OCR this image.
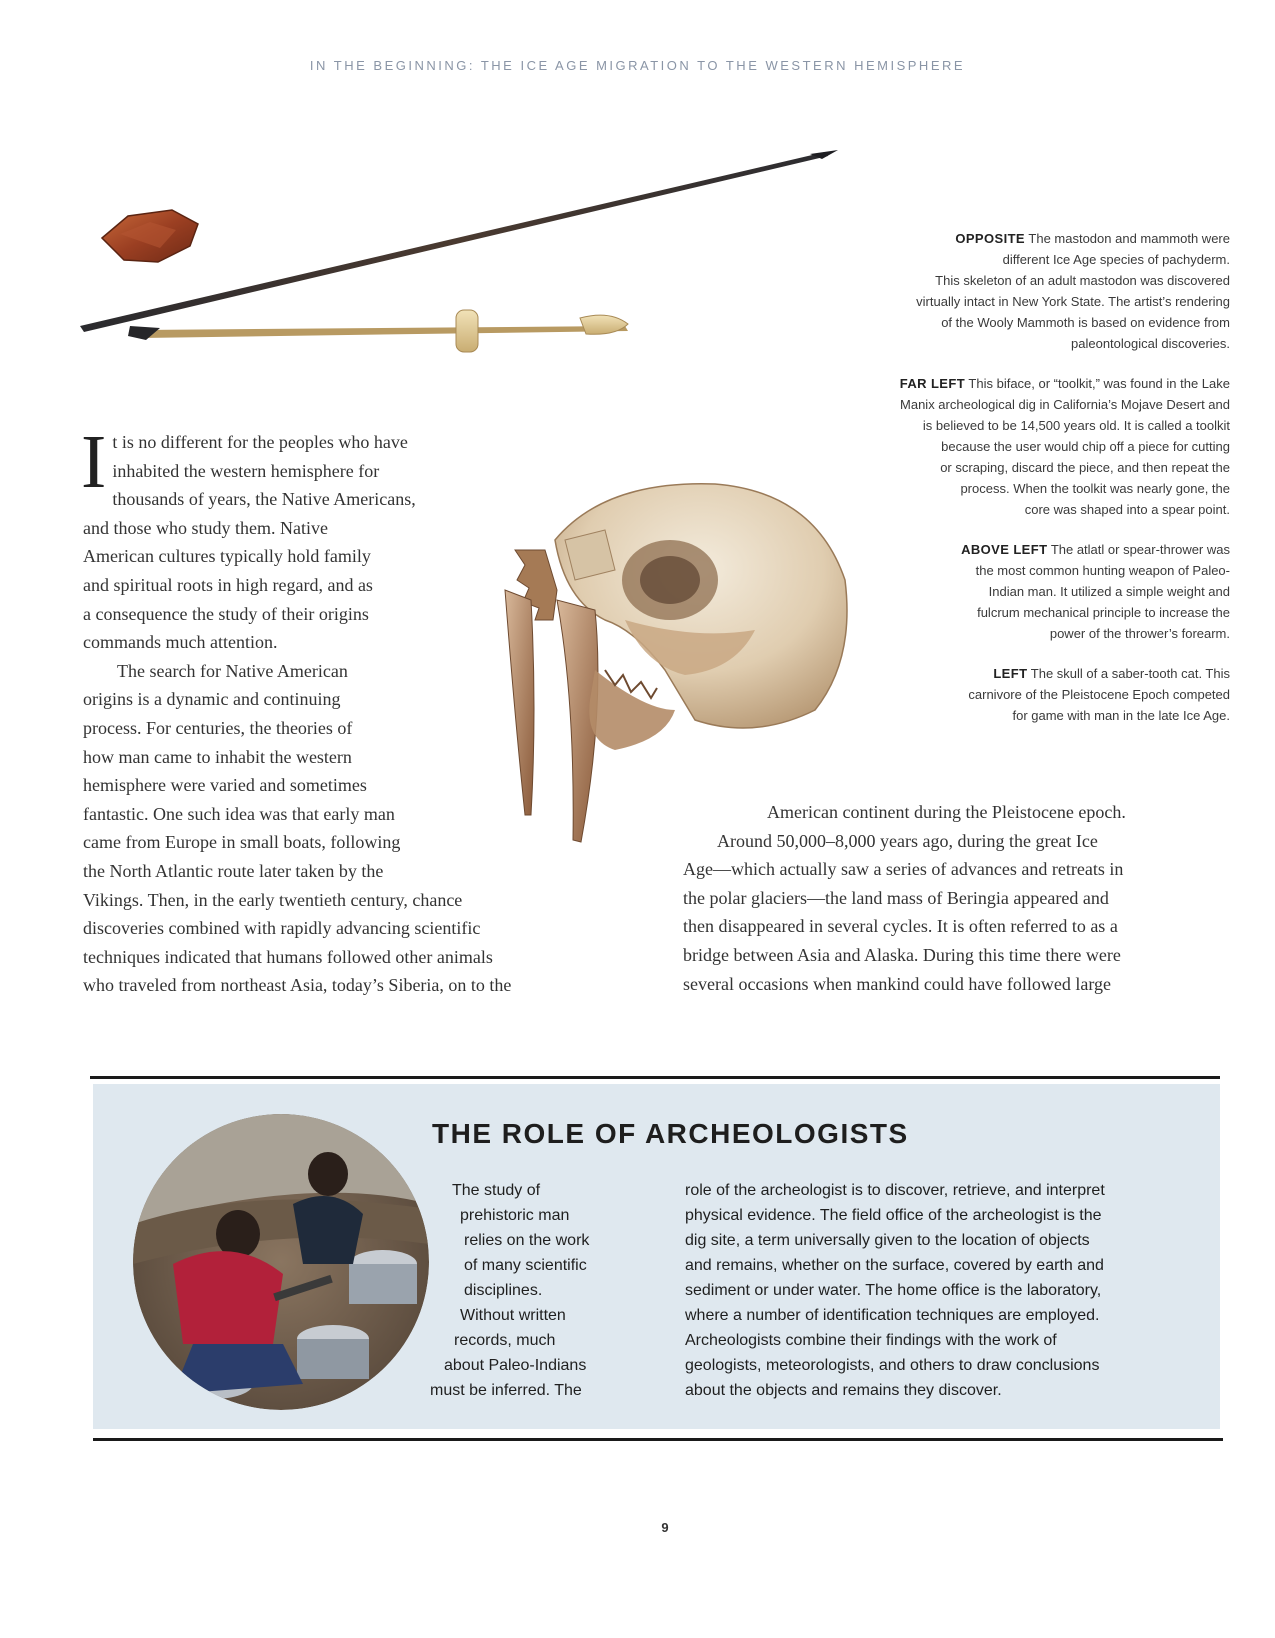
IN THE BEGINNING: THE ICE AGE MIGRATION TO THE WESTERN HEMISPHERE
OPPOSITE The mastodon and mammoth were
different Ice Age species of pachyderm.
This skeleton of an adult mastodon was discovered
virtually intact in New York State. The artist’s rendering
of the Wooly Mammoth is based on evidence from
paleontological discoveries.
FAR LEFT This biface, or “toolkit,” was found in the Lake
Manix archeological dig in California’s Mojave Desert and
is believed to be 14,500 years old. It is called a toolkit
because the user would chip off a piece for cutting
or scraping, discard the piece, and then repeat the
process. When the toolkit was nearly gone, the
core was shaped into a spear point.
ABOVE LEFT The atlatl or spear-thrower was
the most common hunting weapon of Paleo-
Indian man. It utilized a simple weight and
fulcrum mechanical principle to increase the
power of the thrower’s forearm.
LEFT The skull of a saber-tooth cat. This
carnivore of the Pleistocene Epoch competed
for game with man in the late Ice Age.

I t is no different for the peoples who have
inhabited the western hemisphere for
thousands of years, the Native Americans,
and those who study them. Native
American cultures typically hold family
and spiritual roots in high regard, and as
a consequence the study of their origins
commands much attention.

The search for Native American
origins is a dynamic and continuing
process. For centuries, the theories of
how man came to inhabit the western
hemisphere were varied and sometimes
fantastic. One such idea was that early man
came from Europe in small boats, following
the North Atlantic route later taken by the
Vikings. Then, in the early twentieth century, chance
discoveries combined with rapidly advancing scientific
techniques indicated that humans followed other animals
who traveled from northeast Asia, today’s Siberia, on to the

American continent during the Pleistocene epoch.
Around 50,000–8,000 years ago, during the great Ice
Age—which actually saw a series of advances and retreats in
the polar glaciers—the land mass of Beringia appeared and
then disappeared in several cycles. It is often referred to as a
bridge between Asia and Alaska. During this time there were
several occasions when mankind could have followed large
THE ROLE OF ARCHEOLOGISTS
The study of
prehistoric man
relies on the work
of many scientific
disciplines.
Without written
records, much
about Paleo-Indians
must be inferred. The
role of the archeologist is to discover, retrieve, and interpret
physical evidence. The field office of the archeologist is the
dig site, a term universally given to the location of objects
and remains, whether on the surface, covered by earth and
sediment or under water. The home office is the laboratory,
where a number of identification techniques are employed.
Archeologists combine their findings with the work of
geologists, meteorologists, and others to draw conclusions
about the objects and remains they discover.
9
